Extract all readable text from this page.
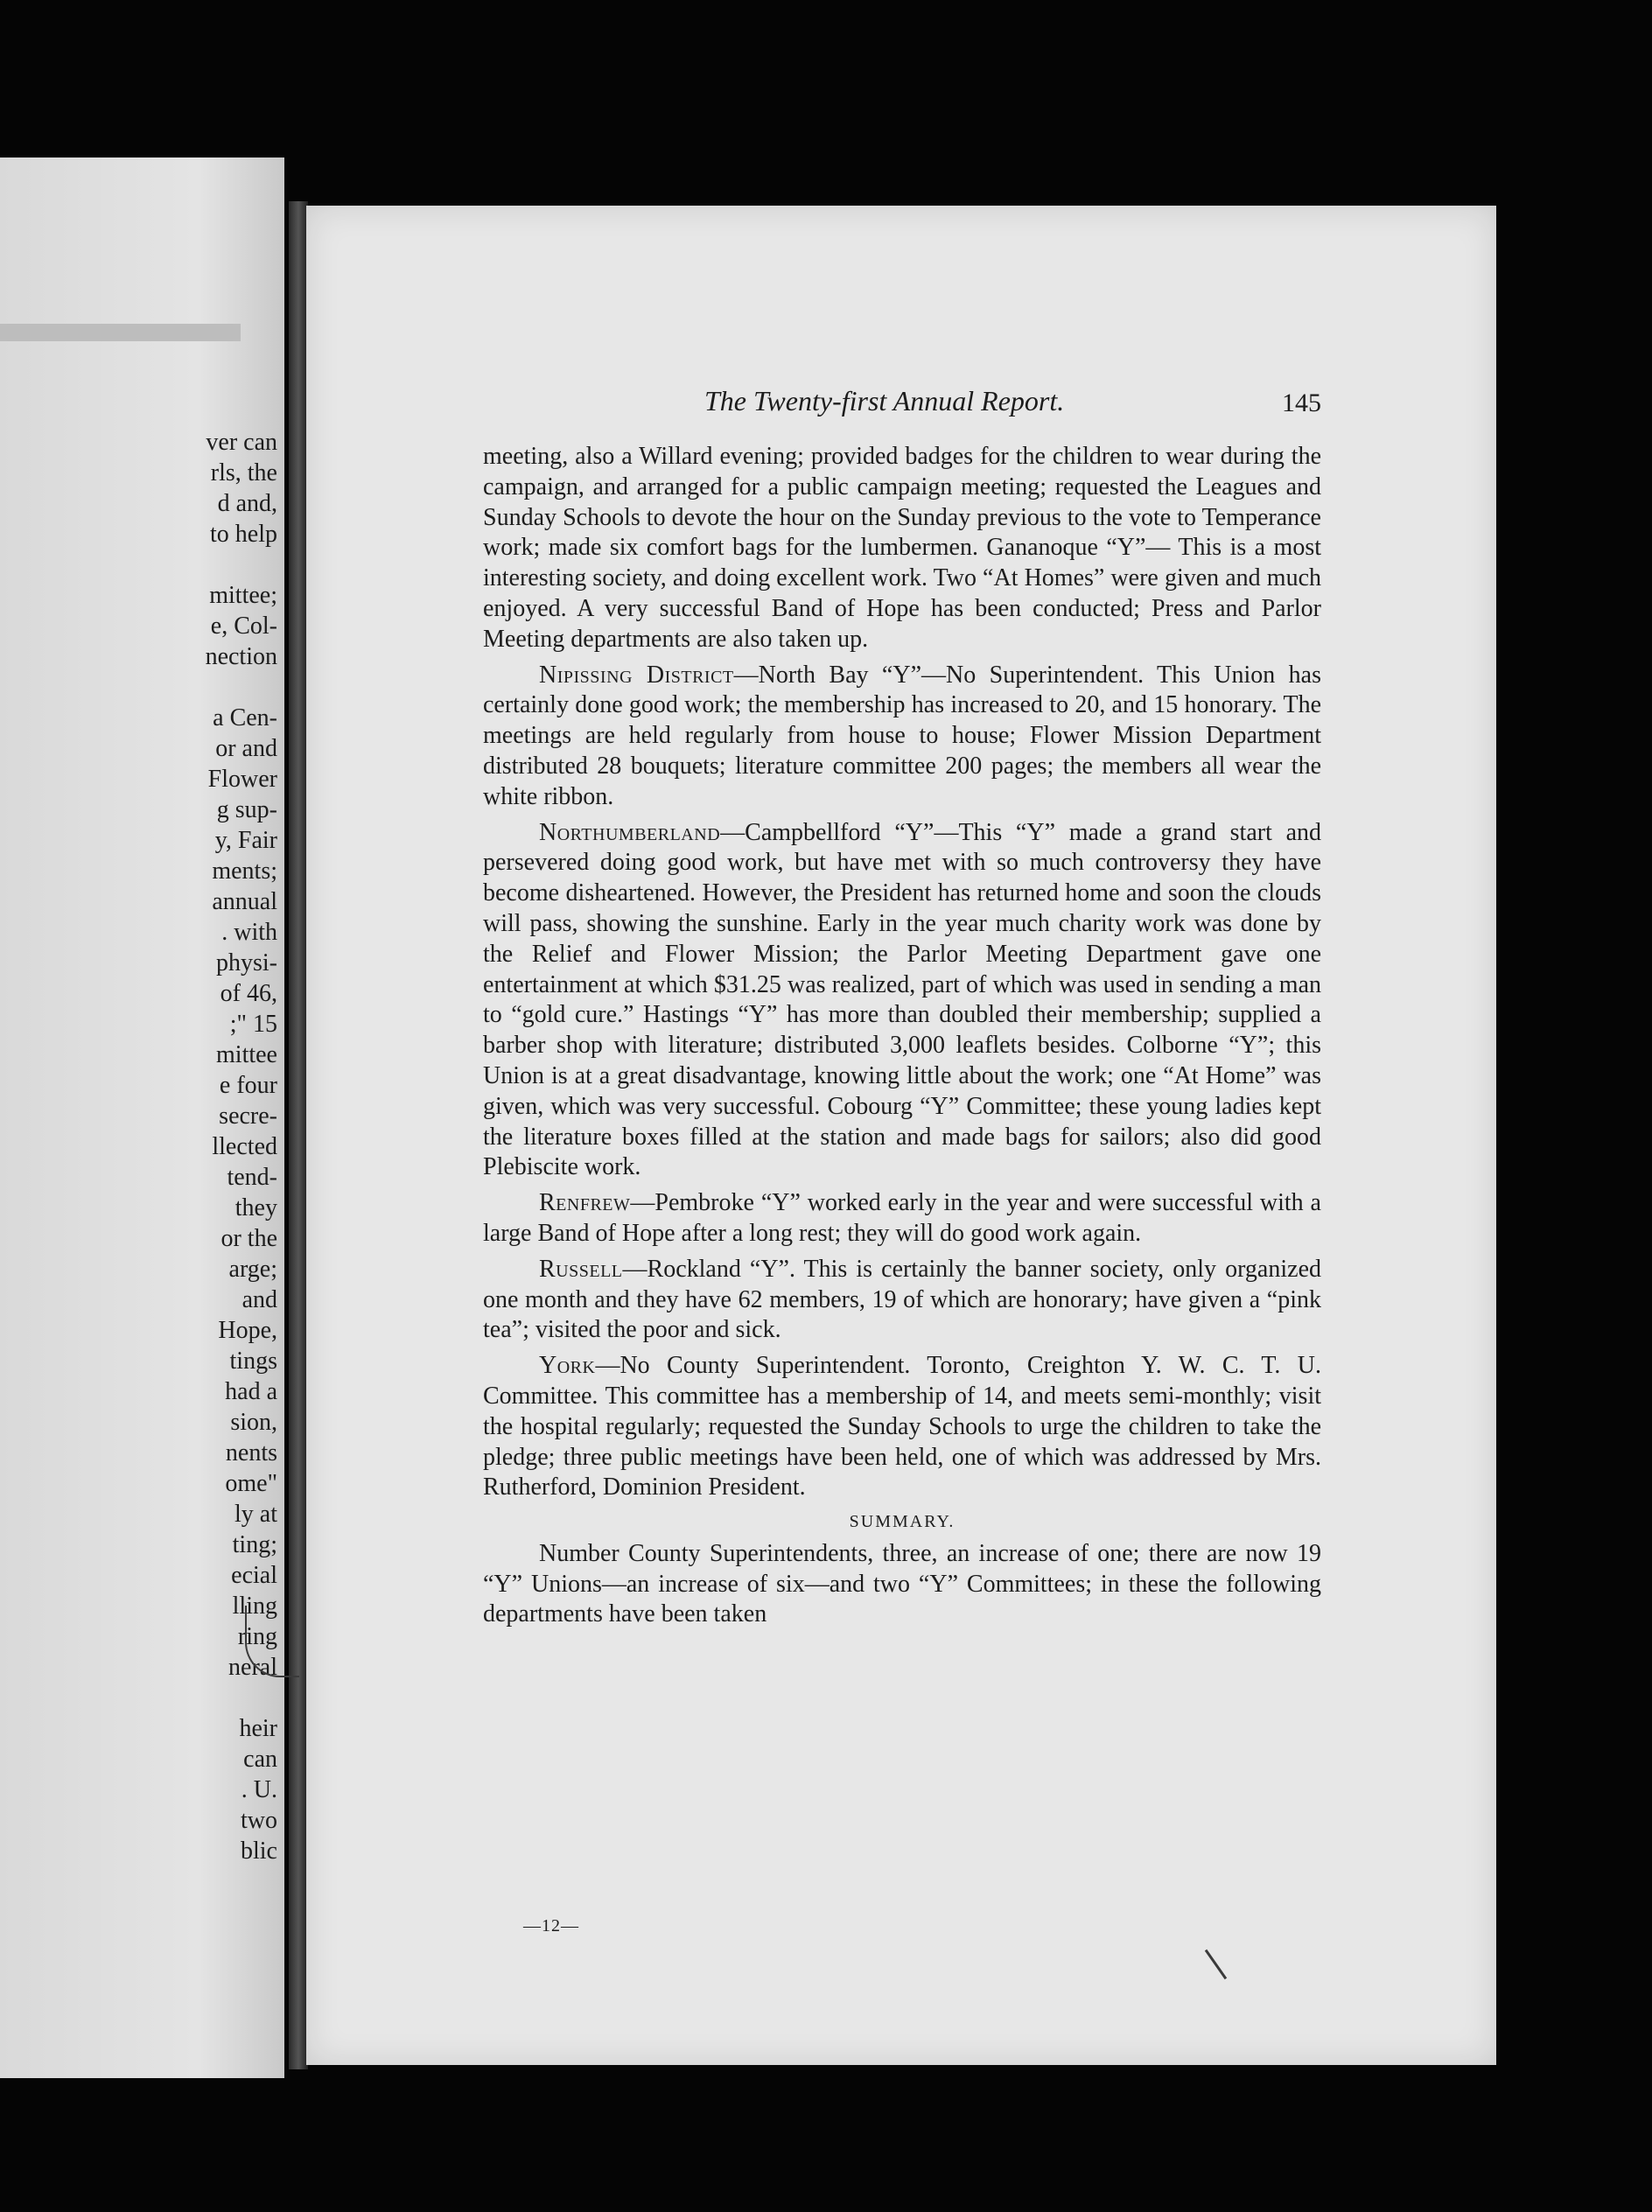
ver can
rls, the
d and,
to help
mittee;
e, Col-
nection
a Cen-
or and
Flower
g sup-
y, Fair
ments;
annual
. with
physi-
of 46,
;" 15
mittee
e four
secre-
llected
tend-
they
or the
arge;
and
Hope,
tings
had a
sion,
nents
ome"
ly at
ting;
ecial
lling
ring
neral
heir
can
. U.
two
blic
The Twenty-first Annual Report.	145

meeting, also a Willard evening; provided badges for the children to wear during the campaign, and arranged for a public campaign meeting; requested the Leagues and Sunday Schools to devote the hour on the Sunday previous to the vote to Temperance work; made six comfort bags for the lumbermen. Gananoque “Y”— This is a most interesting society, and doing excellent work. Two “At Homes” were given and much enjoyed. A very successful Band of Hope has been conducted; Press and Parlor Meeting departments are also taken up.

Nipissing District—North Bay “Y”—No Superintendent. This Union has certainly done good work; the membership has increased to 20, and 15 honorary. The meetings are held regularly from house to house; Flower Mission Department distributed 28 bouquets; literature committee 200 pages; the members all wear the white ribbon.

Northumberland—Campbellford “Y”—This “Y” made a grand start and persevered doing good work, but have met with so much controversy they have become disheartened. However, the President has returned home and soon the clouds will pass, showing the sunshine. Early in the year much charity work was done by the Relief and Flower Mission; the Parlor Meeting Department gave one entertainment at which $31.25 was realized, part of which was used in sending a man to “gold cure.” Hastings “Y” has more than doubled their membership; supplied a barber shop with literature; distributed 3,000 leaflets besides. Colborne “Y”; this Union is at a great disadvantage, knowing little about the work; one “At Home” was given, which was very successful. Cobourg “Y” Committee; these young ladies kept the literature boxes filled at the station and made bags for sailors; also did good Plebiscite work.

Renfrew—Pembroke “Y” worked early in the year and were successful with a large Band of Hope after a long rest; they will do good work again.

Russell—Rockland “Y”. This is certainly the banner society, only organized one month and they have 62 members, 19 of which are honorary; have given a “pink tea”; visited the poor and sick.

York—No County Superintendent. Toronto, Creighton Y. W. C. T. U. Committee. This committee has a membership of 14, and meets semi-monthly; visit the hospital regularly; requested the Sunday Schools to urge the children to take the pledge; three public meetings have been held, one of which was addressed by Mrs. Rutherford, Dominion President.

SUMMARY.

Number County Superintendents, three, an increase of one; there are now 19 “Y” Unions—an increase of six—and two “Y” Committees; in these the following departments have been taken

—12—
